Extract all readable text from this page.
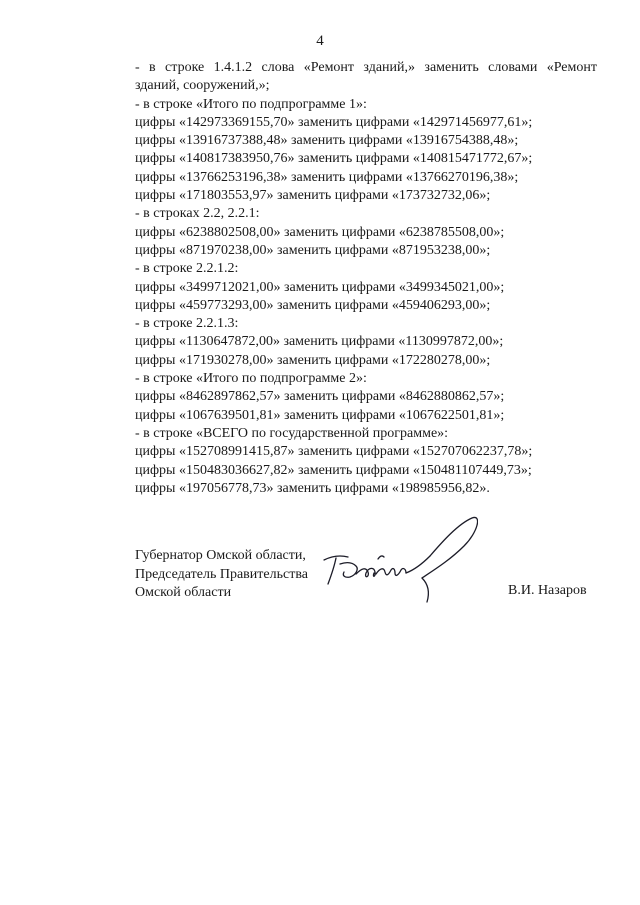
4
- в строке 1.4.1.2 слова «Ремонт зданий,» заменить словами «Ремонт
зданий, сооружений,»;
- в строке «Итого по подпрограмме 1»:
цифры «142973369155,70» заменить цифрами «142971456977,61»;
цифры «13916737388,48» заменить цифрами «13916754388,48»;
цифры «140817383950,76» заменить цифрами «140815471772,67»;
цифры «13766253196,38» заменить цифрами «13766270196,38»;
цифры «171803553,97» заменить цифрами «173732732,06»;
- в строках 2.2, 2.2.1:
цифры «6238802508,00» заменить цифрами «6238785508,00»;
цифры «871970238,00» заменить цифрами «871953238,00»;
- в строке 2.2.1.2:
цифры «3499712021,00» заменить цифрами «3499345021,00»;
цифры «459773293,00» заменить цифрами «459406293,00»;
- в строке 2.2.1.3:
цифры «1130647872,00» заменить цифрами «1130997872,00»;
цифры «171930278,00» заменить цифрами «172280278,00»;
- в строке «Итого по подпрограмме 2»:
цифры «8462897862,57» заменить цифрами «8462880862,57»;
цифры «1067639501,81» заменить цифрами «1067622501,81»;
- в строке «ВСЕГО по государственной программе»:
цифры «152708991415,87» заменить цифрами «152707062237,78»;
цифры «150483036627,82» заменить цифрами «150481107449,73»;
цифры «197056778,73» заменить цифрами «198985956,82».
Губернатор Омской области,
Председатель Правительства
Омской области	В.И. Назаров
